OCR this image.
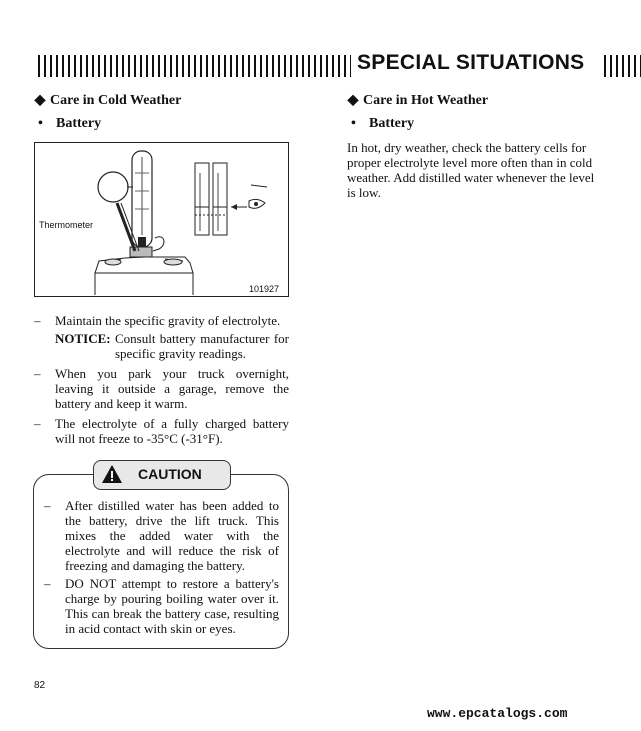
SPECIAL SITUATIONS
◆ Care in Cold Weather
• Battery
Thermometer
101927
– Maintain the specific gravity of electrolyte.
NOTICE: Consult battery manufacturer for specific gravity readings.
– When you park your truck overnight, leaving it outside a garage, remove the battery and keep it warm.
– The electrolyte of a fully charged battery will not freeze to -35°C (-31°F).
CAUTION
– After distilled water has been added to the battery, drive the lift truck. This mixes the added water with the electrolyte and will reduce the risk of freezing and damaging the battery.
– DO NOT attempt to restore a battery's charge by pouring boiling water over it. This can break the battery case, resulting in acid contact with skin or eyes.
◆ Care in Hot Weather
• Battery
In hot, dry weather, check the battery cells for proper electrolyte level more often than in cold weather. Add distilled water whenever the level is low.
82
www.epcatalogs.com
